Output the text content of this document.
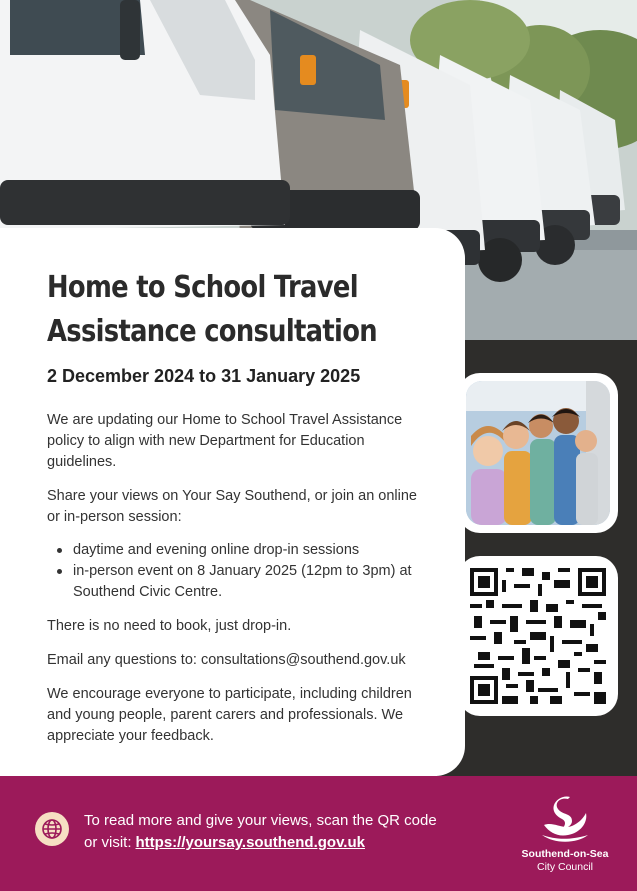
Home to School Travel Assistance consultation

2 December 2024 to 31 January 2025

We are updating our Home to School Travel Assistance policy to align with new Department for Education guidelines.

Share your views on Your Say Southend, or join an online or in-person session:

daytime and evening online drop-in sessions
in-person event on 8 January 2025 (12pm to 3pm) at Southend Civic Centre.

There is no need to book, just drop-in.

Email any questions to: consultations@southend.gov.uk

We encourage everyone to participate, including children and young people, parent carers and professionals. We appreciate your feedback.

To read more and give your views, scan the QR code or visit: https://yoursay.southend.gov.uk

Southend-on-Sea
City Council
